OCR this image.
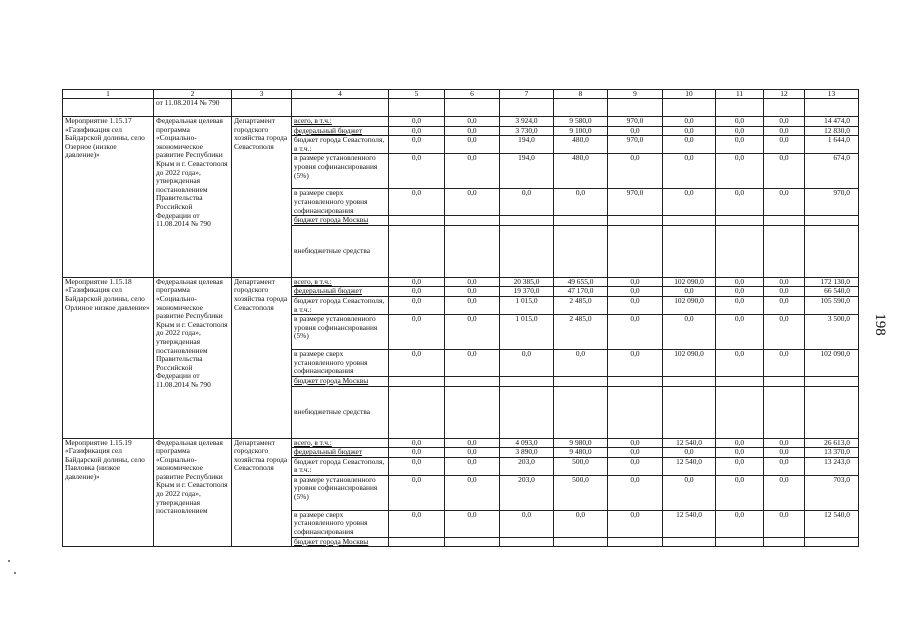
198
1	2	3	4	5	6	7	8	9	10	11	12	13
	от 11.08.2014 № 790											
Мероприятие 1.15.17 «Газификация сел Байдарской долины, село Озерное (низкое давление)»	Федеральная целевая программа «Социально-экономическое развитие Республики Крым и г. Севастополя до 2022 года», утвержденная постановлением Правительства Российской Федерации от 11.08.2014 № 790	Департамент городского хозяйства города Севастополя	всего, в т.ч.:	0,0	0,0	3 924,0	9 580,0	970,0	0,0	0,0	0,0	14 474,0
			федеральный бюджет	0,0	0,0	3 730,0	9 100,0	0,0	0,0	0,0	0,0	12 830,0
			бюджет города Севастополя, в т.ч.:	0,0	0,0	194,0	480,0	970,0	0,0	0,0	0,0	1 644,0
			в размере установленного уровня софинансирования (5%)	0,0	0,0	194,0	480,0	0,0	0,0	0,0	0,0	674,0
			в размере сверх установленного уровня софинансирования	0,0	0,0	0,0	0,0	970,0	0,0	0,0	0,0	970,0
			бюджет города Москвы									
			внебюджетные средства									
Мероприятие 1.15.18 «Газификация сел Байдарской долины, село Орлиное низкое давление»	Федеральная целевая программа «Социально-экономическое развитие Республики Крым и г. Севастополя до 2022 года», утвержденная постановлением Правительства Российской Федерации от 11.08.2014 № 790	Департамент городского хозяйства города Севастополя	всего, в т.ч.:	0,0	0,0	20 385,0	49 655,0	0,0	102 090,0	0,0	0,0	172 130,0
			федеральный бюджет	0,0	0,0	19 370,0	47 170,0	0,0	0,0	0,0	0,0	66 540,0
			бюджет города Севастополя, в т.ч.:	0,0	0,0	1 015,0	2 485,0	0,0	102 090,0	0,0	0,0	105 590,0
			в размере установленного уровня софинансирования (5%)	0,0	0,0	1 015,0	2 485,0	0,0	0,0	0,0	0,0	3 500,0
			в размере сверх установленного уровня софинансирования	0,0	0,0	0,0	0,0	0,0	102 090,0	0,0	0,0	102 090,0
			бюджет города Москвы									
			внебюджетные средства									
Мероприятие 1.15.19 «Газификация сел Байдарской долины, село Павловка (низкое давление)»	Федеральная целевая программа «Социально-экономическое развитие Республики Крым и г. Севастополя до 2022 года», утвержденная постановлением	Департамент городского хозяйства города Севастополя	всего, в т.ч.:	0,0	0,0	4 093,0	9 980,0	0,0	12 540,0	0,0	0,0	26 613,0
			федеральный бюджет	0,0	0,0	3 890,0	9 480,0	0,0	0,0	0,0	0,0	13 370,0
			бюджет города Севастополя, в т.ч.:	0,0	0,0	203,0	500,0	0,0	12 540,0	0,0	0,0	13 243,0
			в размере установленного уровня софинансирования (5%)	0,0	0,0	203,0	500,0	0,0	0,0	0,0	0,0	703,0
			в размере сверх установленного уровня софинансирования	0,0	0,0	0,0	0,0	0,0	12 540,0	0,0	0,0	12 540,0
			бюджет города Москвы									
